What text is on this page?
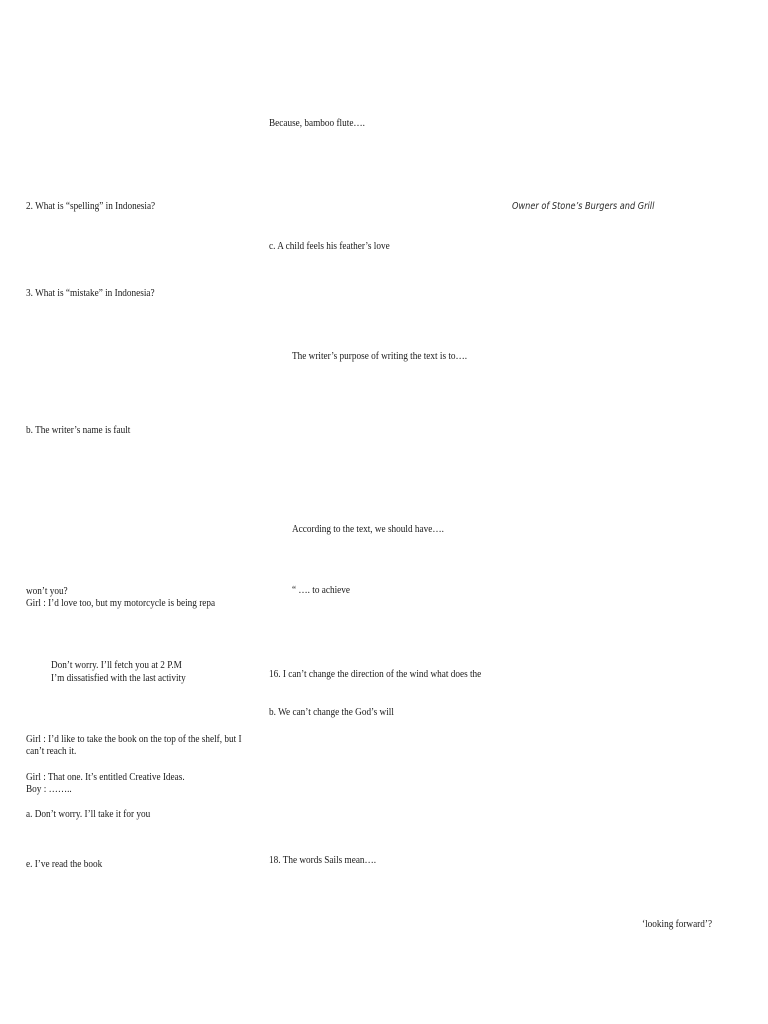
Because, bamboo flute….
2. What is “spelling” in Indonesia?	Owner of Stone’s Burgers and Grill
c. A child feels his feather’s love
3. What is “mistake” in Indonesia?
The writer’s purpose of writing the text is to….
b. The writer’s name is fault
According to the text, we should have….
won’t you?
Girl : I’d love too, but my motorcycle is being repa
“ …. to achieve
Don’t worry. I’ll fetch you at 2 P.M
I’m dissatisfied with the last activity	16. I can’t change the direction of the wind what does the
b. We can’t change the God’s will
Girl : I’d like to take the book on the top of the shelf, but I
can’t reach it.
Girl : That one. It’s entitled Creative Ideas.
Boy : ……..
a. Don’t worry. I’ll take it for you
18. The words Sails mean….
e. I’ve read the book
‘looking forward’?
